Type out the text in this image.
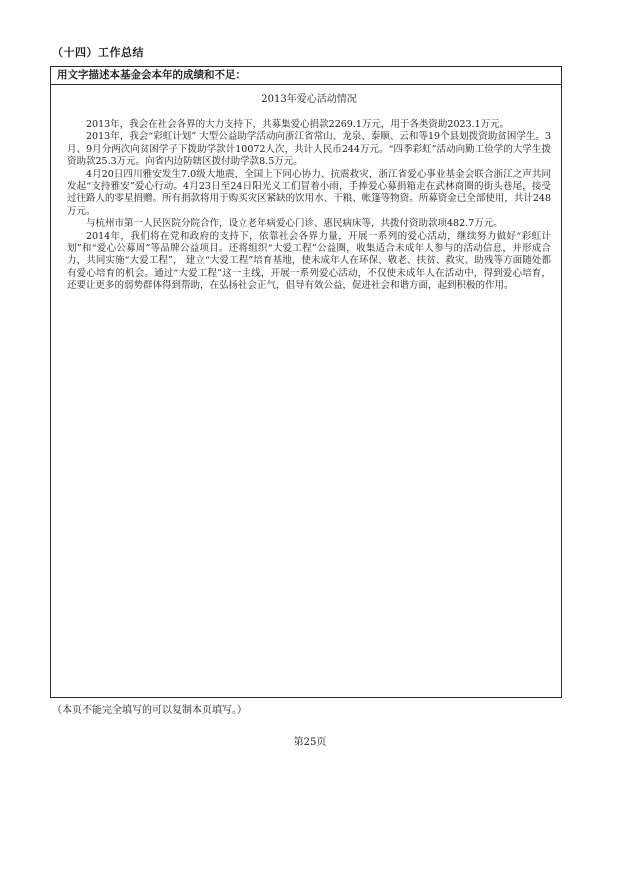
（十四）工作总结
用文字描述本基金会本年的成绩和不足：
2013年爱心活动情况

2013年，我会在社会各界的大力支持下，共募集爱心捐款2269.1万元，用于各类资助2023.1万元。

2013年，我会“彩虹计划” 大型公益助学活动向浙江省常山、龙泉、泰顺、云和等19个县划拨资助贫困学生。3月、9月分两次向贫困学子下拨助学款计10072人次，共计人民币244万元。“四季彩虹”活动向勤工俭学的大学生拨资助款25.3万元。向省内边防辖区拨付助学款8.5万元。

4月20日四川雅安发生7.0级大地震，全国上下同心协力、抗震救灾，浙江省爱心事业基金会联合浙江之声共同发起“支持雅安”爱心行动。4月23日至24日阳光义工们冒着小雨，手捧爱心募捐箱走在武林商圈的街头巷尾，接受过往路人的零星捐赠。所有捐款将用于购买灾区紧缺的饮用水、干粮、帐篷等物资。所募资金已全部使用，共计248万元。

与杭州市第一人民医院分院合作，设立老年病爱心门诊、惠民病床等，共拨付资助款项482.7万元。

2014年，我们将在党和政府的支持下，依靠社会各界力量，开展一系列的爱心活动，继续努力做好“彩虹计划”和“爱心公募周”等品牌公益项目。还将组织“大爱工程”公益圈，收集适合未成年人参与的活动信息，并形成合力，共同实施“大爱工程”， 建立“大爱工程”培育基地，使未成年人在环保、敬老、扶贫、救灾、助残等方面随处都有爱心培育的机会。通过“大爱工程”这一主线，开展一系列爱心活动，不仅使未成年人在活动中，得到爱心培育，还要让更多的弱势群体得到帮助，在弘扬社会正气，倡导有效公益，促进社会和谐方面，起到积极的作用。

（本页不能完全填写的可以复制本页填写。）
第25页
